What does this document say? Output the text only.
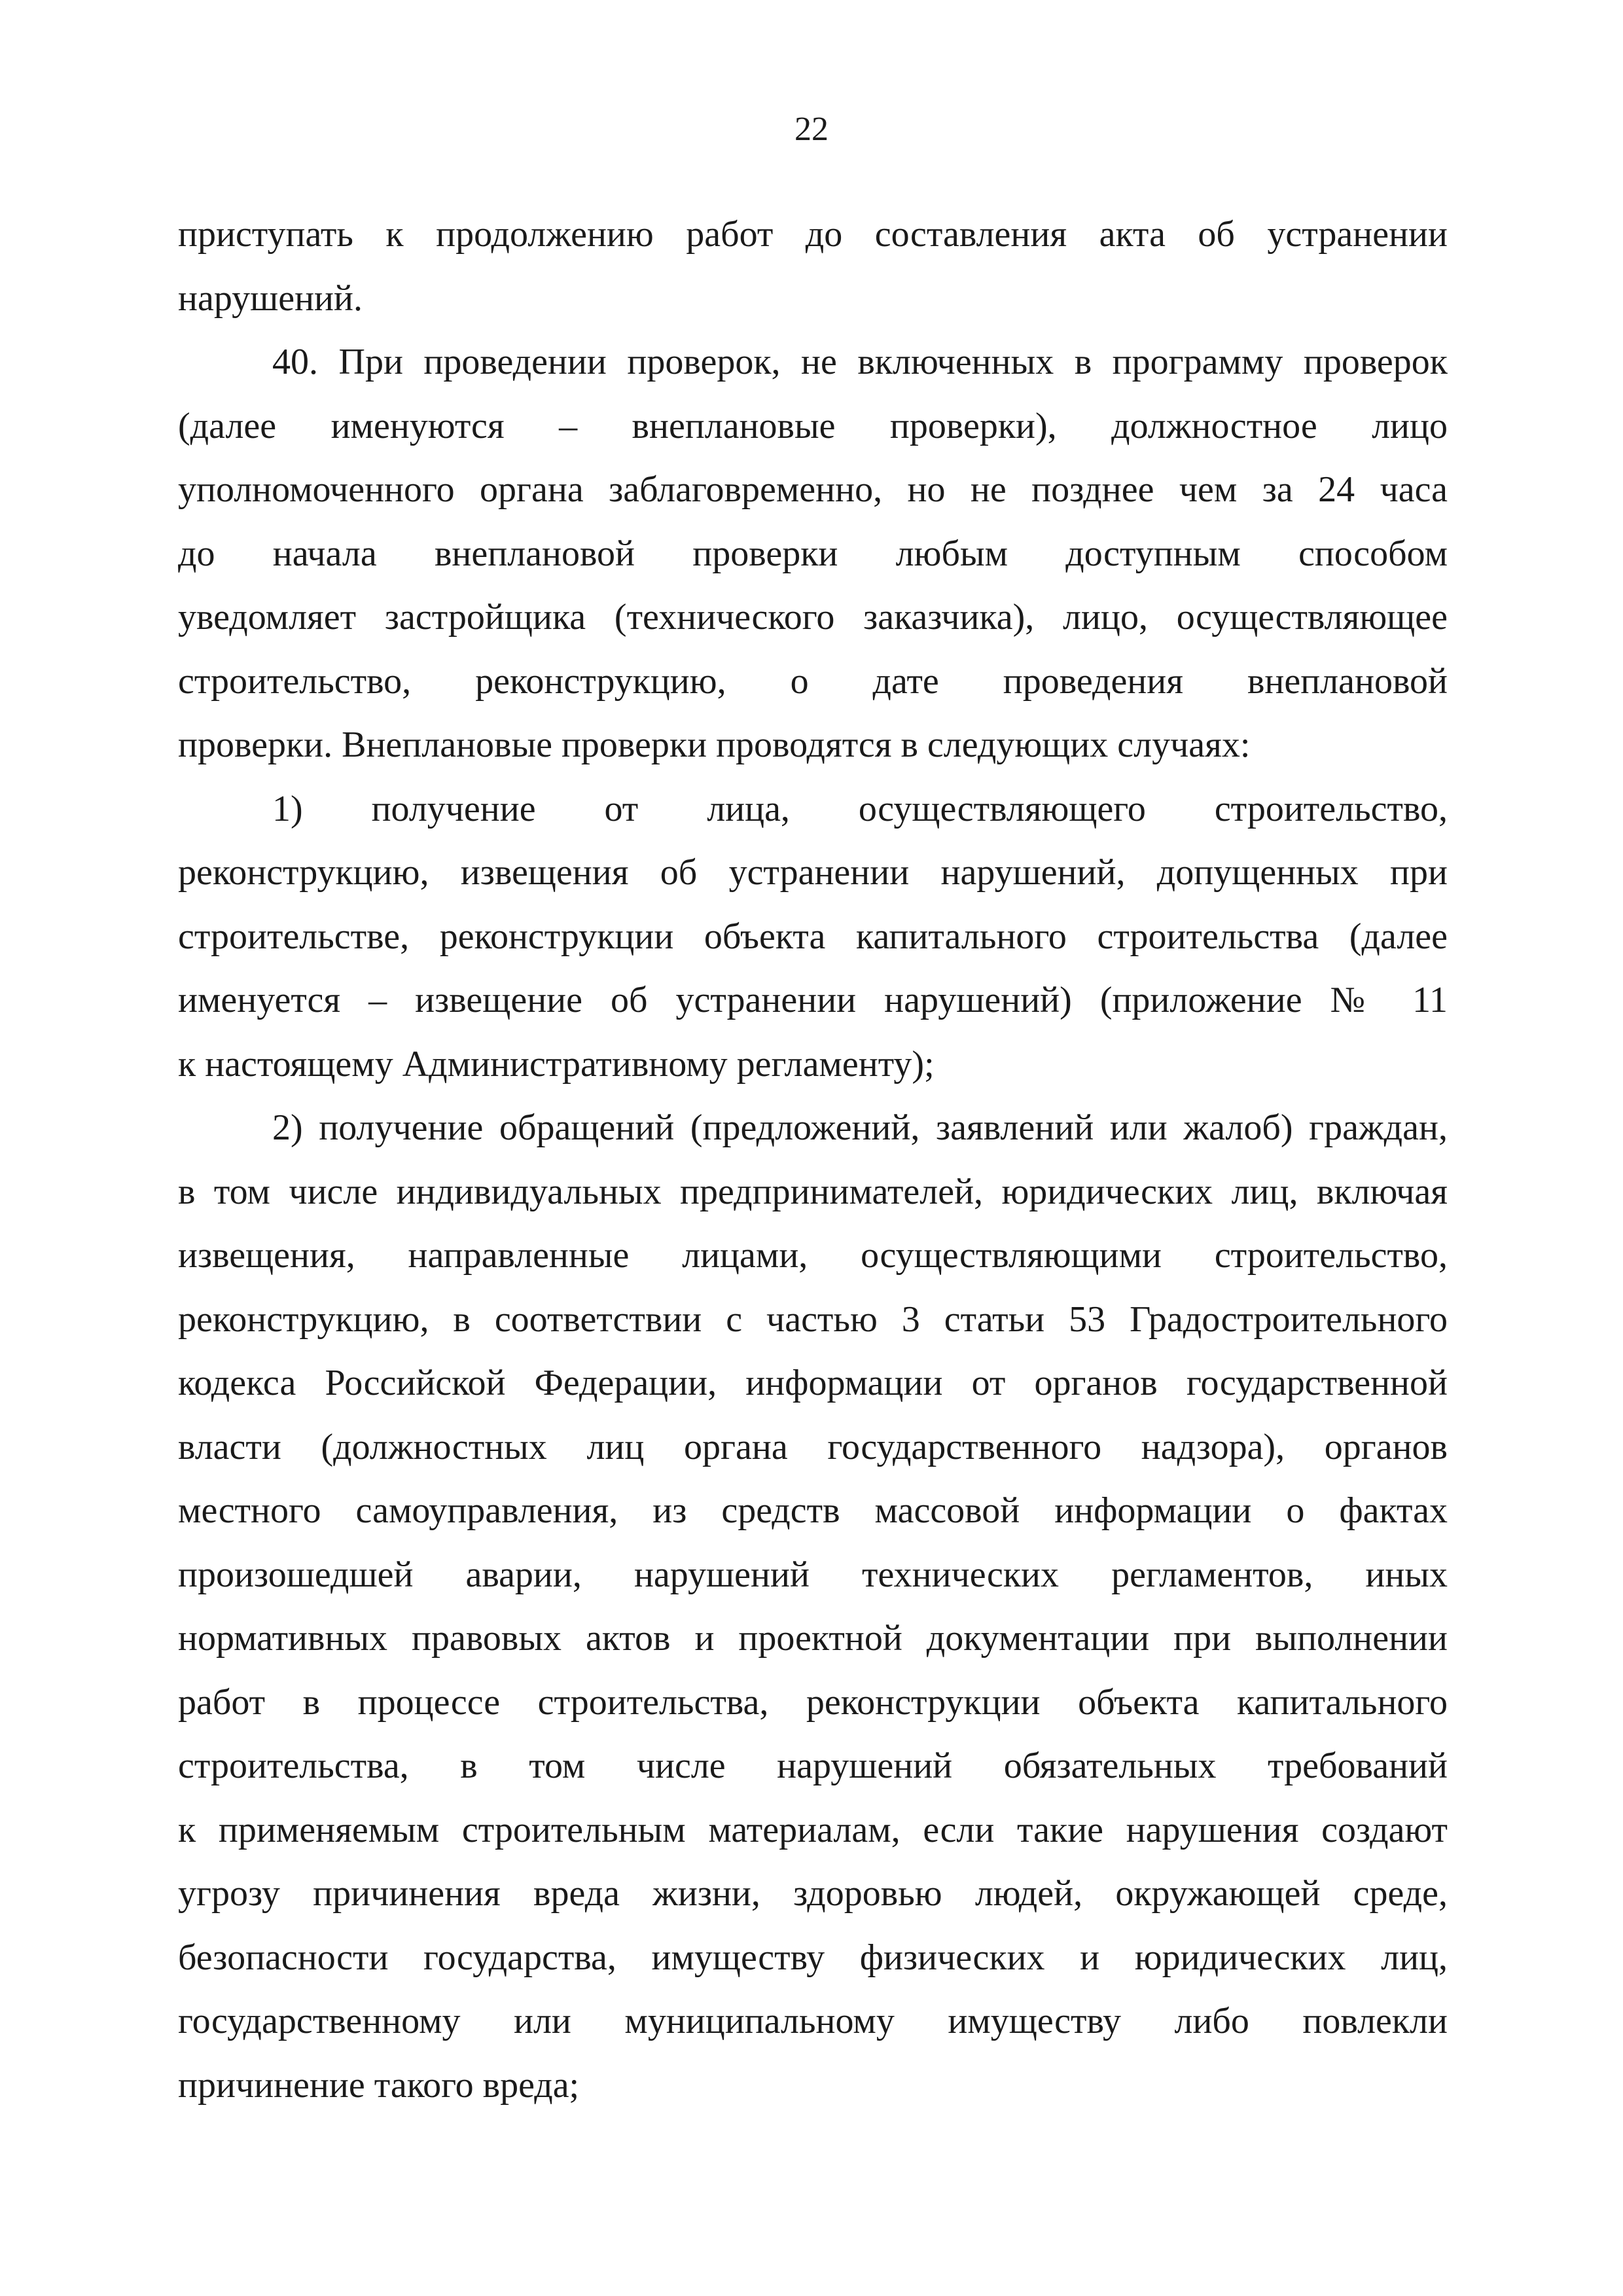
22
приступать к продолжению работ до составления акта об устранении
нарушений.
40. При проведении проверок, не включенных в программу проверок
(далее именуются – внеплановые проверки), должностное лицо
уполномоченного органа заблаговременно, но не позднее чем за 24 часа
до начала внеплановой проверки любым доступным способом
уведомляет застройщика (технического заказчика), лицо, осуществляющее
строительство, реконструкцию, о дате проведения внеплановой
проверки. Внеплановые проверки проводятся в следующих случаях:
1) получение от лица, осуществляющего строительство,
реконструкцию, извещения об устранении нарушений, допущенных при
строительстве, реконструкции объекта капитального строительства (далее
именуется – извещение об устранении нарушений) (приложение № 11
к настоящему Административному регламенту);
2) получение обращений (предложений, заявлений или жалоб) граждан,
в том числе индивидуальных предпринимателей, юридических лиц, включая
извещения, направленные лицами, осуществляющими строительство,
реконструкцию, в соответствии с частью 3 статьи 53 Градостроительного
кодекса Российской Федерации, информации от органов государственной
власти (должностных лиц органа государственного надзора), органов
местного самоуправления, из средств массовой информации о фактах
произошедшей аварии, нарушений технических регламентов, иных
нормативных правовых актов и проектной документации при выполнении
работ в процессе строительства, реконструкции объекта капитального
строительства, в том числе нарушений обязательных требований
к применяемым строительным материалам, если такие нарушения создают
угрозу причинения вреда жизни, здоровью людей, окружающей среде,
безопасности государства, имуществу физических и юридических лиц,
государственному или муниципальному имуществу либо повлекли
причинение такого вреда;
